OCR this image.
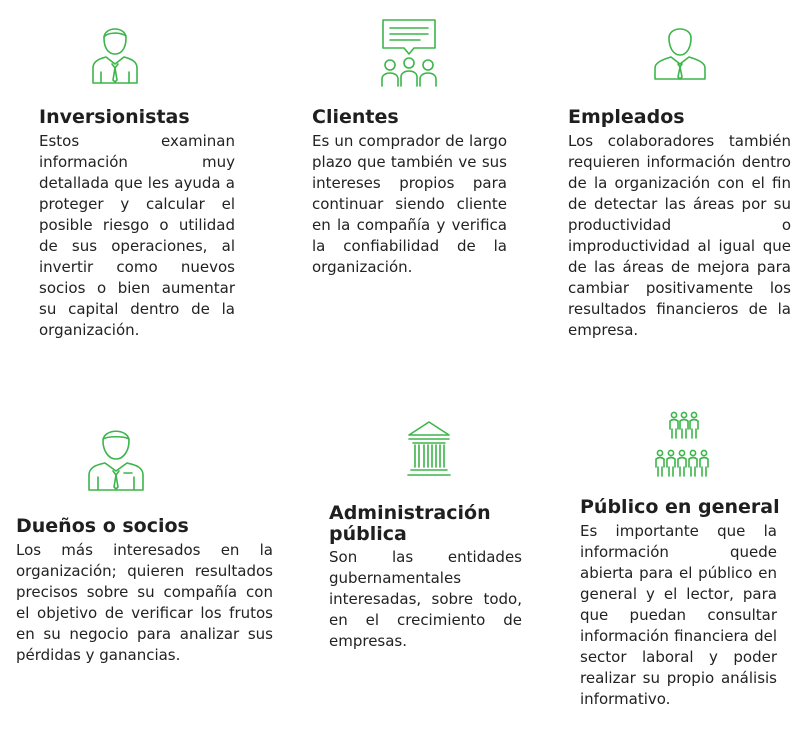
Inversionistas

Estos examinan información muy detallada que les ayuda a proteger y calcular el posible riesgo o utilidad de sus operaciones, al invertir como nuevos socios o bien aumentar su capital dentro de la organización.

Clientes

Es un comprador de largo plazo que también ve sus intereses propios para continuar siendo cliente en la compañía y verifica la confiabilidad de la organización.

Empleados

Los colaboradores también requieren información dentro de la organización con el fin de detectar las áreas por su productividad o improductividad al igual que de las áreas de mejora para cambiar positivamente los resultados financieros de la empresa.

Dueños o socios

Los más interesados en la organización; quieren resultados precisos sobre su compañía con el objetivo de verificar los frutos en su negocio para analizar sus pérdidas y ganancias.

Administración pública

Son las entidades gubernamentales interesadas, sobre todo, en el crecimiento de empresas.

Público en general

Es importante que la información quede abierta para el público en general y el lector, para que puedan consultar información financiera del sector laboral y poder realizar su propio análisis informativo.
